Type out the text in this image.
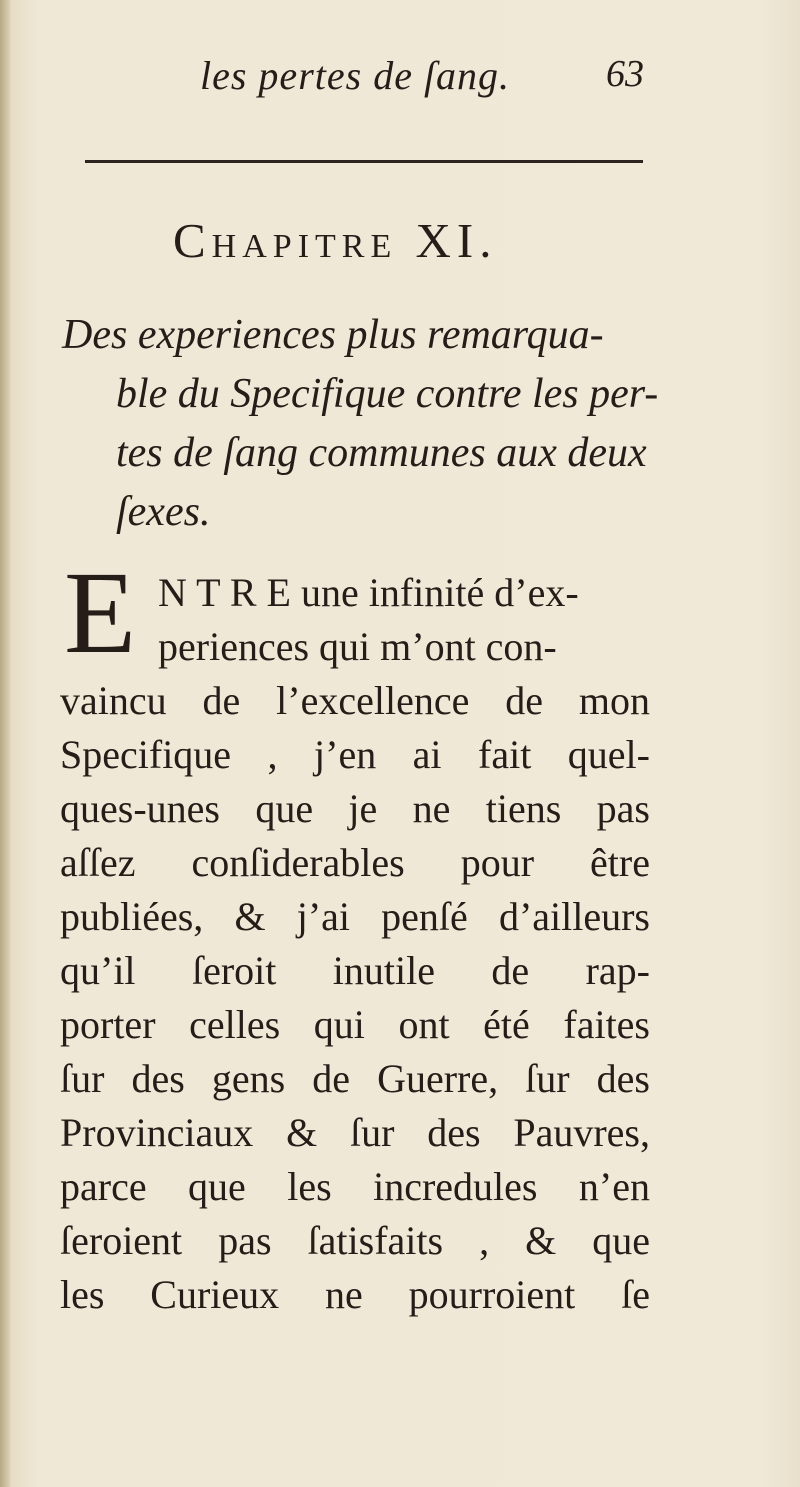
les pertes de ſang.	63
Chapitre XI.
Des experiences plus remarqua-
ble du Specifique contre les per-
tes de ſang communes aux deux
ſexes.
E N T R E une infinité d’ex-
periences qui m’ont con-
vaincu de l’excellence de mon
Specifique , j’en ai fait quel-
ques-unes que je ne tiens pas
aſſez conſiderables pour être
publiées, & j’ai penſé d’ailleurs
qu’il ſeroit inutile de rap-
porter celles qui ont été faites
ſur des gens de Guerre, ſur des
Provinciaux & ſur des Pauvres,
parce que les incredules n’en
ſeroient pas ſatisfaits , & que
les Curieux ne pourroient ſe
